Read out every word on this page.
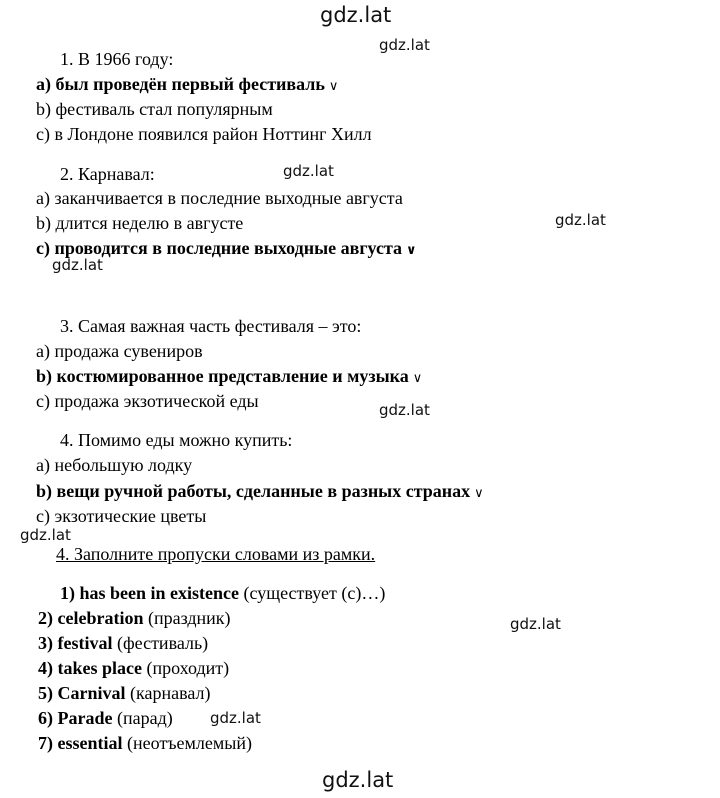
gdz.lat
gdz.lat
gdz.lat
gdz.lat
gdz.lat
gdz.lat
gdz.lat
gdz.lat
gdz.lat
gdz.lat
1. В 1966 году:
a) был проведён первый фестиваль ∨
b) фестиваль стал популярным
c) в Лондоне появился район Ноттинг Хилл
2. Карнавал:
a) заканчивается в последние выходные августа
b) длится неделю в августе
c) проводится в последние выходные августа ∨
3. Самая важная часть фестиваля – это:
a) продажа сувениров
b) костюмированное представление и музыка ∨
c) продажа экзотической еды
4. Помимо еды можно купить:
a) небольшую лодку
b) вещи ручной работы, сделанные в разных странах ∨
c) экзотические цветы
4. Заполните пропуски словами из рамки.
1) has been in existence (существует (с)…)
2) celebration (праздник)
3) festival (фестиваль)
4) takes place (проходит)
5) Carnival (карнавал)
6) Parade (парад)
7) essential (неотъемлемый)
